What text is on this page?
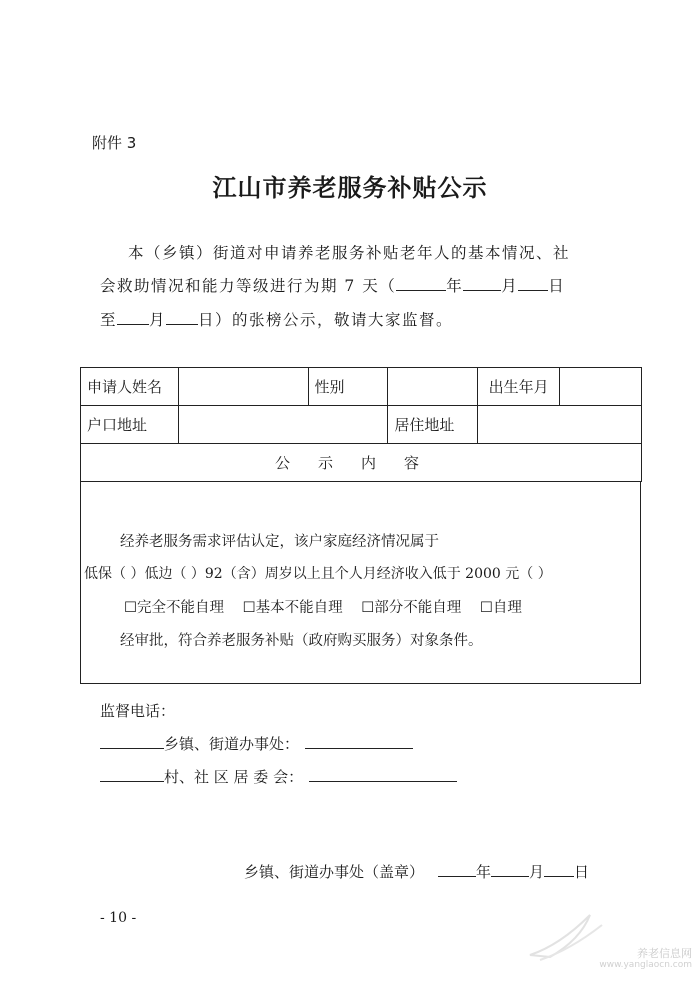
附件 3
江山市养老服务补贴公示
本（乡镇）街道对申请养老服务补贴老年人的基本情况、社
会救助情况和能力等级进行为期 7 天（	年 月 日
至 月 日）的张榜公示，敬请大家监督。
申请人姓名		性别		出生年月	
户口地址			居住地址		
公示内容					
经养老服务需求评估认定，该户家庭经济情况属于
低保（ ）低边（ ）92（含）周岁以上且个人月经济收入低于 2000 元（ ）
☐完全不能自理 ☐基本不能自理 ☐部分不能自理 ☐自理
经审批，符合养老服务补贴（政府购买服务）对象条件。
监督电话：
乡镇、街道办事处：
村、社 区 居 委 会：
乡镇、街道办事处（盖章）	年	月 日
- 10 -
养老信息网
www.yanglaocn.com
